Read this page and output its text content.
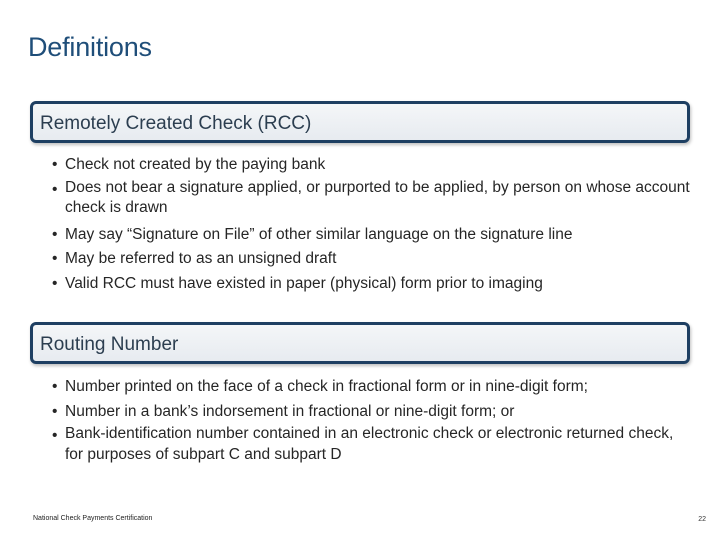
Definitions
Remotely Created Check (RCC)
• Check not created by the paying bank
• Does not bear a signature applied, or purported to be applied, by person on whose account check is drawn
• May say “Signature on File” of other similar language on the signature line
• May be referred to as an unsigned draft
• Valid RCC must have existed in paper (physical) form prior to imaging
Routing Number
• Number printed on the face of a check in fractional form or in nine-digit form;
• Number in a bank’s indorsement in fractional or nine-digit form; or
• Bank-identification number contained in an electronic check or electronic returned check, for purposes of subpart C and subpart D
National Check Payments Certification	22
